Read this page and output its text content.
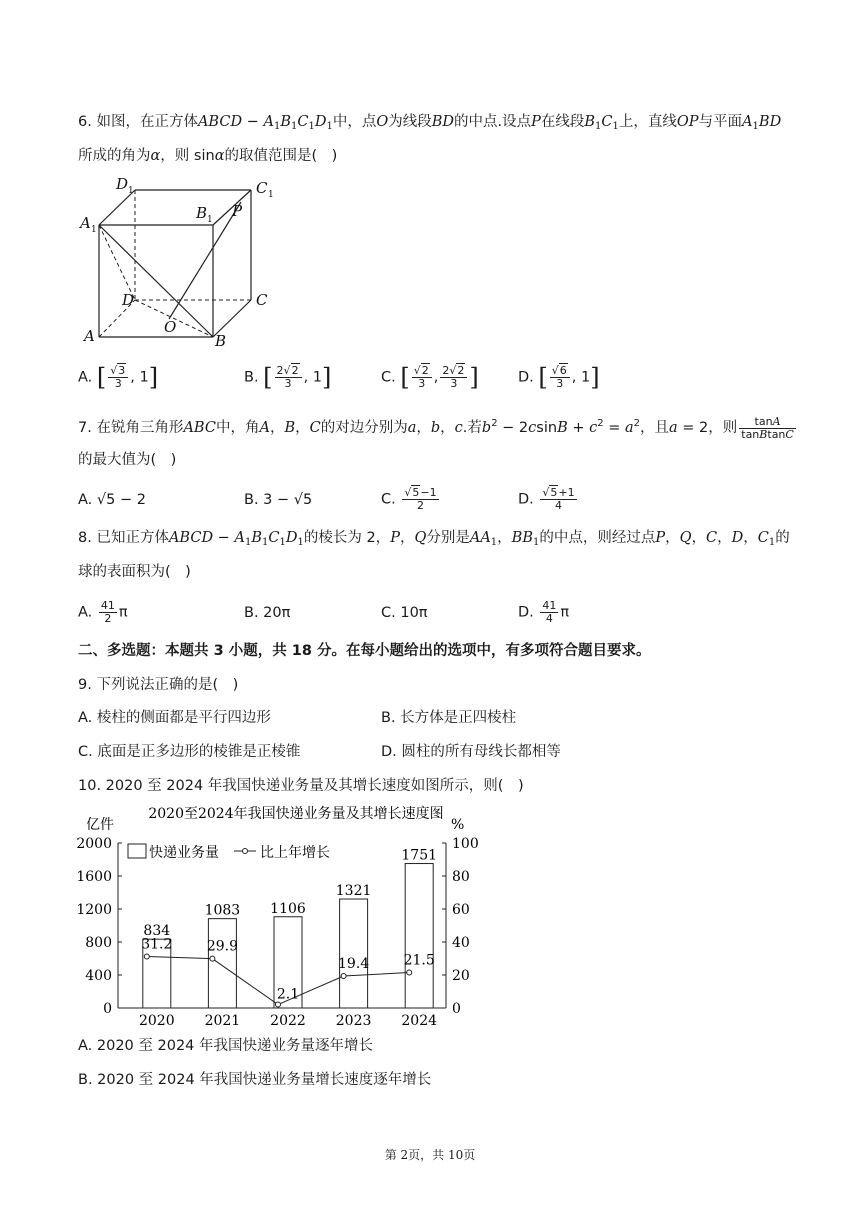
6. 如图，在正方体ABCD − $A_1B_1C_1D_1$中，点O为线段BD的中点.设点P在线段$B_1C_1$上，直线OP与平面$A_1BD$
所成的角为α，则 sinα的取值范围是(　)
D 1	C 1
A 1
B 1 P
D	C
A	O
B
A. [ $\frac{√3}{3}$ , 1]	B. [ $\frac{2√2}{3}$ , 1]	C. [ $\frac{√2}{3}$ , $\frac{2√2}{3}$ ]	D. [ $\frac{√6}{3}$ , 1]
7. 在锐角三角形ABC中，角A，B，C的对边分别为a，b，c.若$b^2 - 2csinB + c^2 = a^2$，且a = 2，则 $\frac{\tan A}{\text{tanBtanC}}$
的最大值为(　)
A. √5 − 2	B. 3 − √5	C. $\frac{√5-1}{2}$	D. $\frac{√5+1}{4}$
8. 已知正方体ABCD − $A_1B_1C_1D_1$的棱长为 2，P，Q分别是$AA_1$，$BB_1$的中点，则经过点P，Q，C，D，$C_1$的
球的表面积为(　)
A. $\frac{41}{2}$ π	B. 20π	C. 10π	D. $\frac{41}{4}$ π
二、多选题：本题共 3 小题，共 18 分。在每小题给出的选项中，有多项符合题目要求。
9. 下列说法正确的是(　)
A. 棱柱的侧面都是平行四边形	B. 长方体是正四棱柱
C. 底面是正多边形的棱锥是正棱锥	D. 圆柱的所有母线长都相等
10. 2020 至 2024 年我国快递业务量及其增长速度如图所示，则(　)
2020至2024年我国快递业务量及其增长速度图
亿件	%
0
400
800
1200
1600
2000
0
20
40
60
80
100
834
2020
1083
2021
1106
2022
1321
2023
1751
2024
31.2 29.9
2.1
19.4 21.5
快递业务量	比上年增长
A. 2020 至 2024 年我国快递业务量逐年增长
B. 2020 至 2024 年我国快递业务量增长速度逐年增长
第 2页，共 10页
